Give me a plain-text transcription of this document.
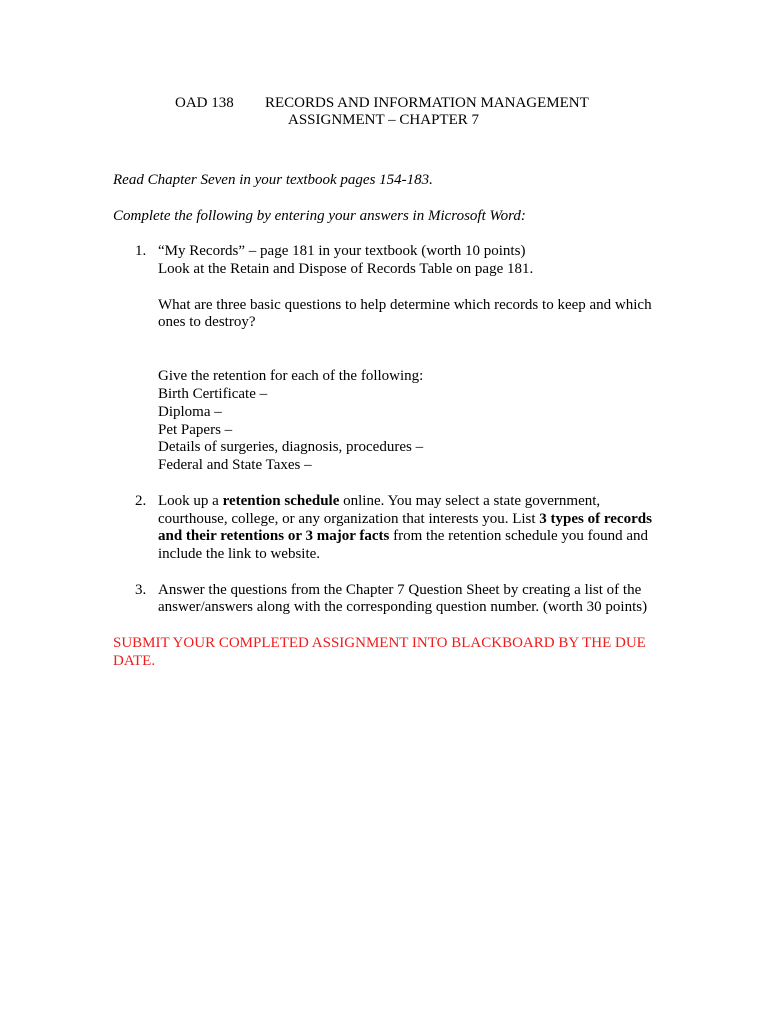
OAD 138 RECORDS AND INFORMATION MANAGEMENT

ASSIGNMENT – CHAPTER 7

Read Chapter Seven in your textbook pages 154-183.

Complete the following by entering your answers in Microsoft Word:

1. “My Records” – page 181 in your textbook (worth 10 points)

Look at the Retain and Dispose of Records Table on page 181.

What are three basic questions to help determine which records to keep and which

ones to destroy?

Give the retention for each of the following:

Birth Certificate –

Diploma –

Pet Papers –

Details of surgeries, diagnosis, procedures –

Federal and State Taxes –

2. Look up a retention schedule online. You may select a state government,

courthouse, college, or any organization that interests you. List 3 types of records

and their retentions or 3 major facts from the retention schedule you found and

include the link to website.

3. Answer the questions from the Chapter 7 Question Sheet by creating a list of the

answer/answers along with the corresponding question number. (worth 30 points)

SUBMIT YOUR COMPLETED ASSIGNMENT INTO BLACKBOARD BY THE DUE

DATE.
